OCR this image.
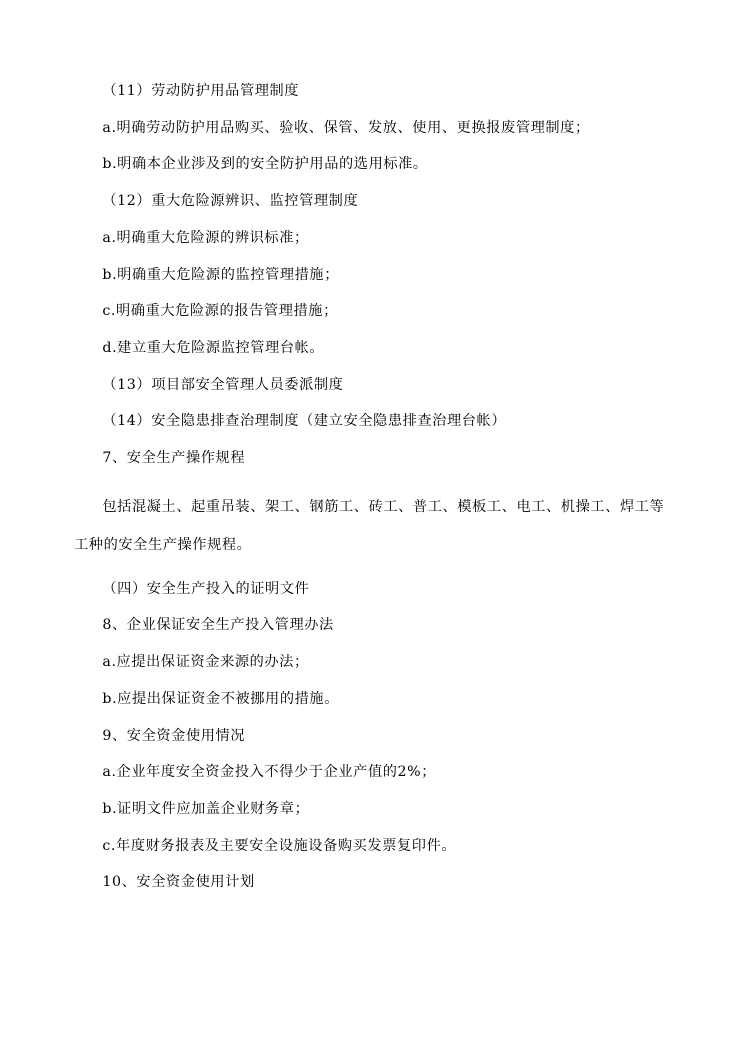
（11）劳动防护用品管理制度

a.明确劳动防护用品购买、验收、保管、发放、使用、更换报废管理制度；

b.明确本企业涉及到的安全防护用品的选用标准。

（12）重大危险源辨识、监控管理制度

a.明确重大危险源的辨识标准；

b.明确重大危险源的监控管理措施；

c.明确重大危险源的报告管理措施；

d.建立重大危险源监控管理台帐。

（13）项目部安全管理人员委派制度

（14）安全隐患排查治理制度（建立安全隐患排查治理台帐）

7、安全生产操作规程

包括混凝土、起重吊装、架工、钢筋工、砖工、普工、模板工、电工、机操工、焊工等工种的安全生产操作规程。

（四）安全生产投入的证明文件

8、企业保证安全生产投入管理办法

a.应提出保证资金来源的办法；

b.应提出保证资金不被挪用的措施。

9、安全资金使用情况

a.企业年度安全资金投入不得少于企业产值的2%；

b.证明文件应加盖企业财务章；

c.年度财务报表及主要安全设施设备购买发票复印件。

10、安全资金使用计划
